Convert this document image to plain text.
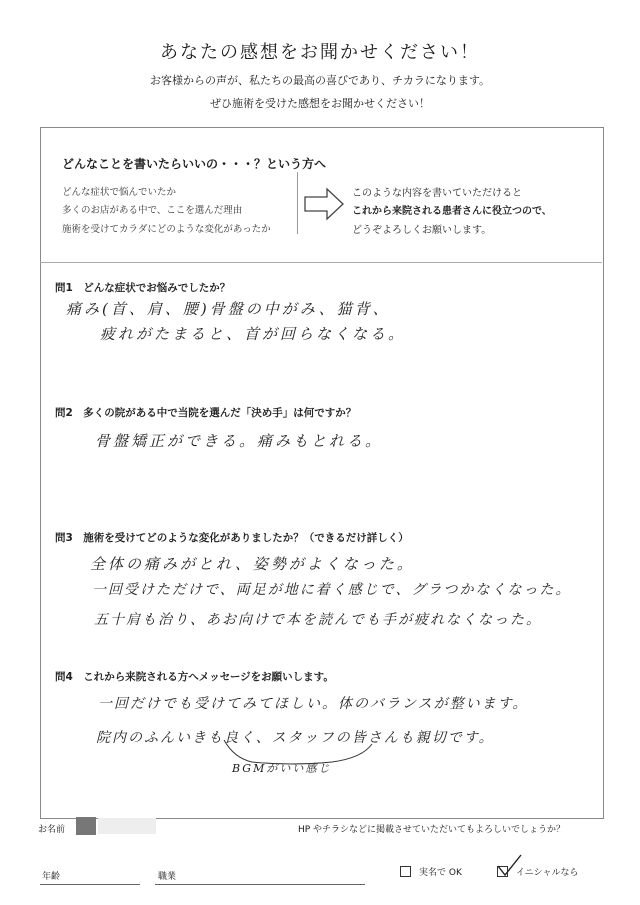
あなたの感想をお聞かせください！
お客様からの声が、私たちの最高の喜びであり、チカラになります。
ぜひ施術を受けた感想をお聞かせください！
どんなことを書いたらいいの・・・？という方へ
どんな症状で悩んでいたか
多くのお店がある中で、ここを選んだ理由
施術を受けてカラダにどのような変化があったか
このような内容を書いていただけると
これから来院される患者さんに役立つので、
どうぞよろしくお願いします。
問1　どんな症状でお悩みでしたか？
痛み(首、肩、腰)骨盤の中がみ、猫背、
疲れがたまると、首が回らなくなる。
問2　多くの院がある中で当院を選んだ「決め手」は何ですか？
骨盤矯正ができる。痛みもとれる。
問3　施術を受けてどのような変化がありましたか？（できるだけ詳しく）
全体の痛みがとれ、姿勢がよくなった。
一回受けただけで、両足が地に着く感じで、グラつかなくなった。
五十肩も治り、あお向けで本を読んでも手が疲れなくなった。
問4　これから来院される方へメッセージをお願いします。
一回だけでも受けてみてほしい。体のバランスが整います。
院内のふんいきも良く、スタッフの皆さんも親切です。
BGMがいい感じ
お名前	HP やチラシなどに掲載させていただいてもよろしいでしょうか？
年齢	職業	実名で OK	イニシャルなら
